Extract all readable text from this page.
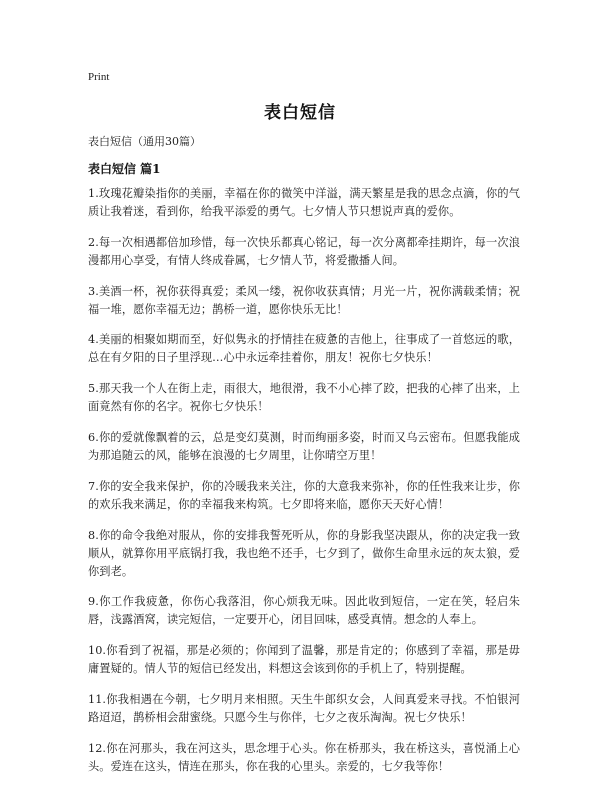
Print
表白短信
表白短信（通用30篇）
表白短信 篇1

1.玫瑰花瓣染指你的美丽，幸福在你的微笑中洋溢，满天繁星是我的思念点滴，你的气质让我着迷，看到你，给我平添爱的勇气。七夕情人节只想说声真的爱你。

2.每一次相遇都倍加珍惜，每一次快乐都真心铭记，每一次分离都牵挂期许，每一次浪漫都用心享受，有情人终成眷属，七夕情人节，将爱撒播人间。

3.美酒一杯，祝你获得真爱；柔风一缕，祝你收获真情；月光一片，祝你满载柔情；祝福一堆，愿你幸福无边；鹊桥一道，愿你快乐无比！

4.美丽的相聚如期而至，好似隽永的抒情挂在疲惫的吉他上，往事成了一首悠远的歌，总在有夕阳的日子里浮现…心中永远牵挂着你，朋友！祝你七夕快乐！

5.那天我一个人在街上走，雨很大，地很滑，我不小心摔了跤，把我的心摔了出来，上面竟然有你的名字。祝你七夕快乐！

6.你的爱就像飘着的云，总是变幻莫测，时而绚丽多姿，时而又乌云密布。但愿我能成为那追随云的风，能够在浪漫的七夕周里，让你晴空万里！

7.你的安全我来保护，你的冷暖我来关注，你的大意我来弥补，你的任性我来让步，你的欢乐我来满足，你的幸福我来构筑。七夕即将来临，愿你天天好心情！

8.你的命令我绝对服从，你的安排我誓死听从，你的身影我坚决跟从，你的决定我一致顺从，就算你用平底锅打我，我也绝不还手，七夕到了，做你生命里永远的灰太狼，爱你到老。

9.你工作我疲惫，你伤心我落泪，你心烦我无味。因此收到短信，一定在笑，轻启朱唇，浅露酒窝，读完短信，一定要开心，闭目回味，感受真情。想念的人奉上。

10.你看到了祝福，那是必须的；你闻到了温馨，那是肯定的；你感到了幸福，那是毋庸置疑的。情人节的短信已经发出，料想这会该到你的手机上了，特别提醒。

11.你我相遇在今朝，七夕明月来相照。天生牛郎织女会，人间真爱来寻找。不怕银河路迢迢，鹊桥相会甜蜜绕。只愿今生与你伴，七夕之夜乐淘淘。祝七夕快乐！

12.你在河那头，我在河这头，思念埋于心头。你在桥那头，我在桥这头，喜悦涌上心头。爱连在这头，情连在那头，你在我的心里头。亲爱的，七夕我等你！
